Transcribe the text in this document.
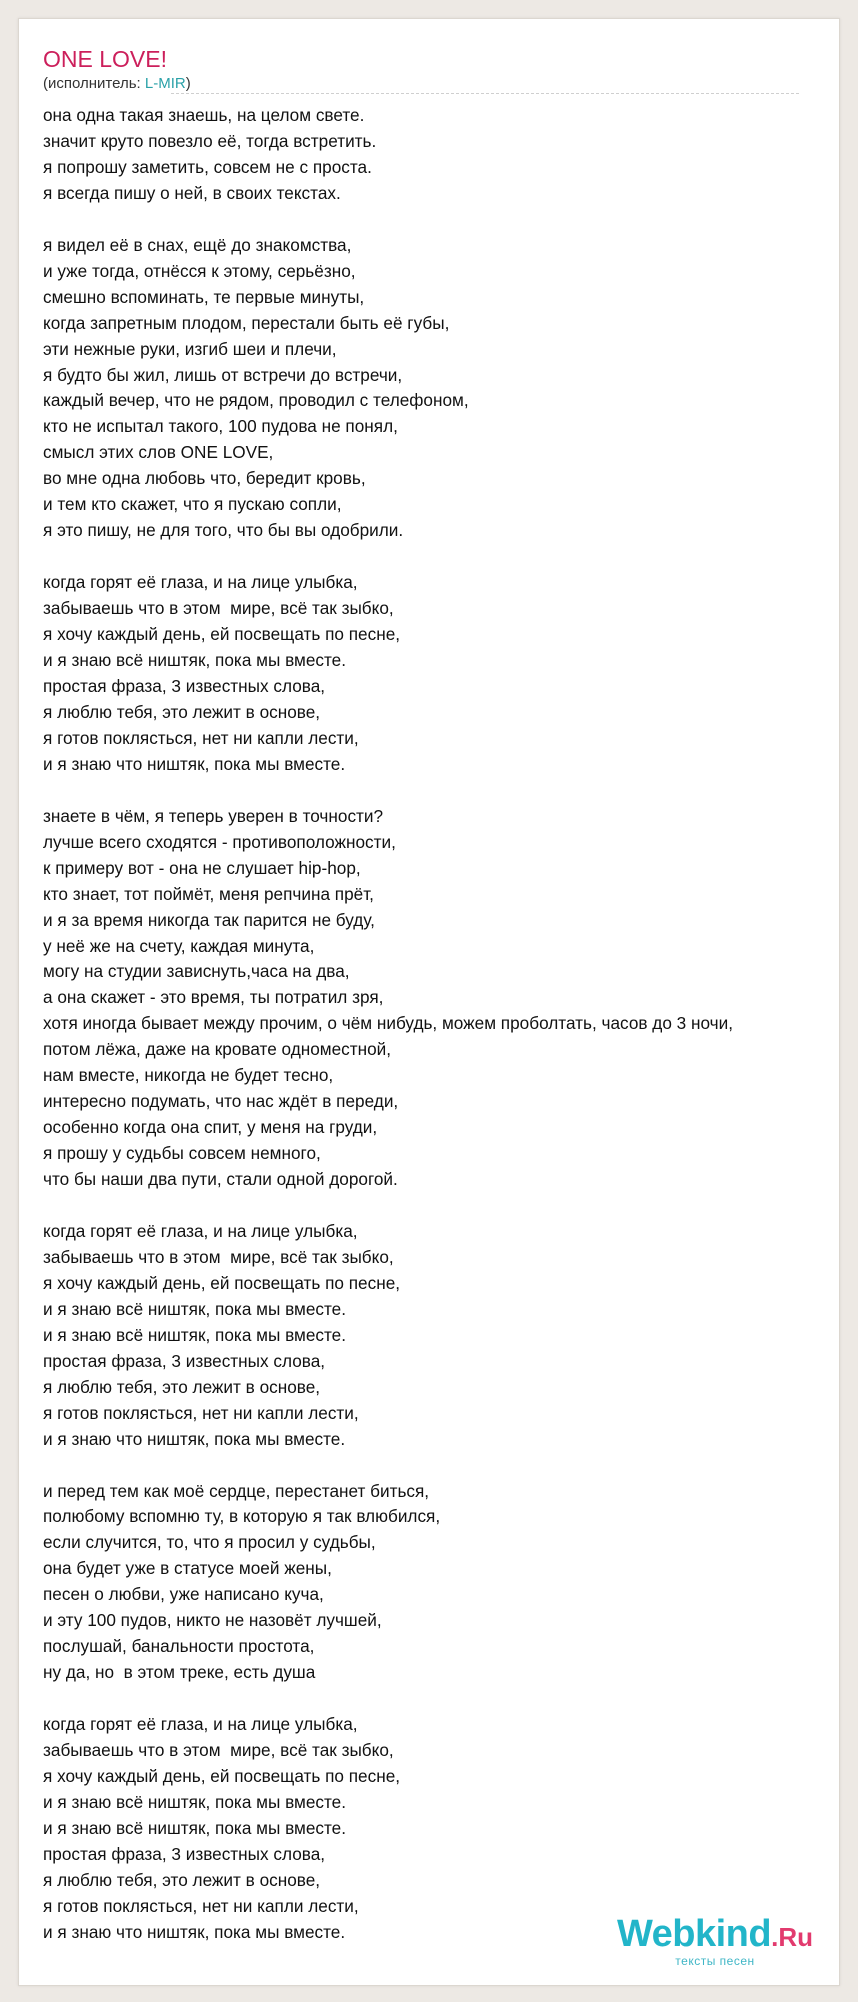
ONE LOVE!
(исполнитель: L-MIR)
она одна такая знаешь, на целом свете.
значит круто повезло её, тогда встретить.
я попрошу заметить, совсем не с проста.
я всегда пишу о ней, в своих текстах.

я видел её в снах, ещё до знакомства,
и уже тогда, отнёсся к этому, серьёзно,
смешно вспоминать, те первые минуты,
когда запретным плодом, перестали быть её губы,
эти нежные руки, изгиб шеи и плечи,
я будто бы жил, лишь от встречи до встречи,
каждый вечер, что не рядом, проводил с телефоном,
кто не испытал такого, 100 пудова не понял,
смысл этих слов ONE LOVE,
во мне одна любовь что, бередит кровь,
и тем кто скажет, что я пускаю сопли,
я это пишу, не для того, что бы вы одобрили.

когда горят её глаза, и на лице улыбка,
забываешь что в этом  мире, всё так зыбко,
я хочу каждый день, ей посвещать по песне,
и я знаю всё ништяк, пока мы вместе.
простая фраза, 3 известных слова,
я люблю тебя, это лежит в основе,
я готов поклясться, нет ни капли лести,
и я знаю что ништяк, пока мы вместе.

знаете в чём, я теперь уверен в точности?
лучше всего сходятся - противоположности,
к примеру вот - она не слушает hip-hop,
кто знает, тот поймёт, меня репчина прёт,
и я за время никогда так парится не буду,
у неё же на счету, каждая минута,
могу на студии зависнуть,часа на два,
а она скажет - это время, ты потратил зря,
хотя иногда бывает между прочим, о чём нибудь, можем проболтать, часов до 3 ночи,
потом лёжа, даже на кровате одноместной,
нам вместе, никогда не будет тесно,
интересно подумать, что нас ждёт в переди,
особенно когда она спит, у меня на груди,
я прошу у судьбы совсем немного,
что бы наши два пути, стали одной дорогой.

когда горят её глаза, и на лице улыбка,
забываешь что в этом  мире, всё так зыбко,
я хочу каждый день, ей посвещать по песне,
и я знаю всё ништяк, пока мы вместе.
и я знаю всё ништяк, пока мы вместе.
простая фраза, 3 известных слова,
я люблю тебя, это лежит в основе,
я готов поклясться, нет ни капли лести,
и я знаю что ништяк, пока мы вместе.

и перед тем как моё сердце, перестанет биться,
полюбому вспомню ту, в которую я так влюбился,
если случится, то, что я просил у судьбы,
она будет уже в статусе моей жены,
песен о любви, уже написано куча,
и эту 100 пудов, никто не назовёт лучшей,
послушай, банальности простота,
ну да, но  в этом треке, есть душа

когда горят её глаза, и на лице улыбка,
забываешь что в этом  мире, всё так зыбко,
я хочу каждый день, ей посвещать по песне,
и я знаю всё ништяк, пока мы вместе.
и я знаю всё ништяк, пока мы вместе.
простая фраза, 3 известных слова,
я люблю тебя, это лежит в основе,
я готов поклясться, нет ни капли лести,
и я знаю что ништяк, пока мы вместе.	Webkind.Ru
тексты песен
